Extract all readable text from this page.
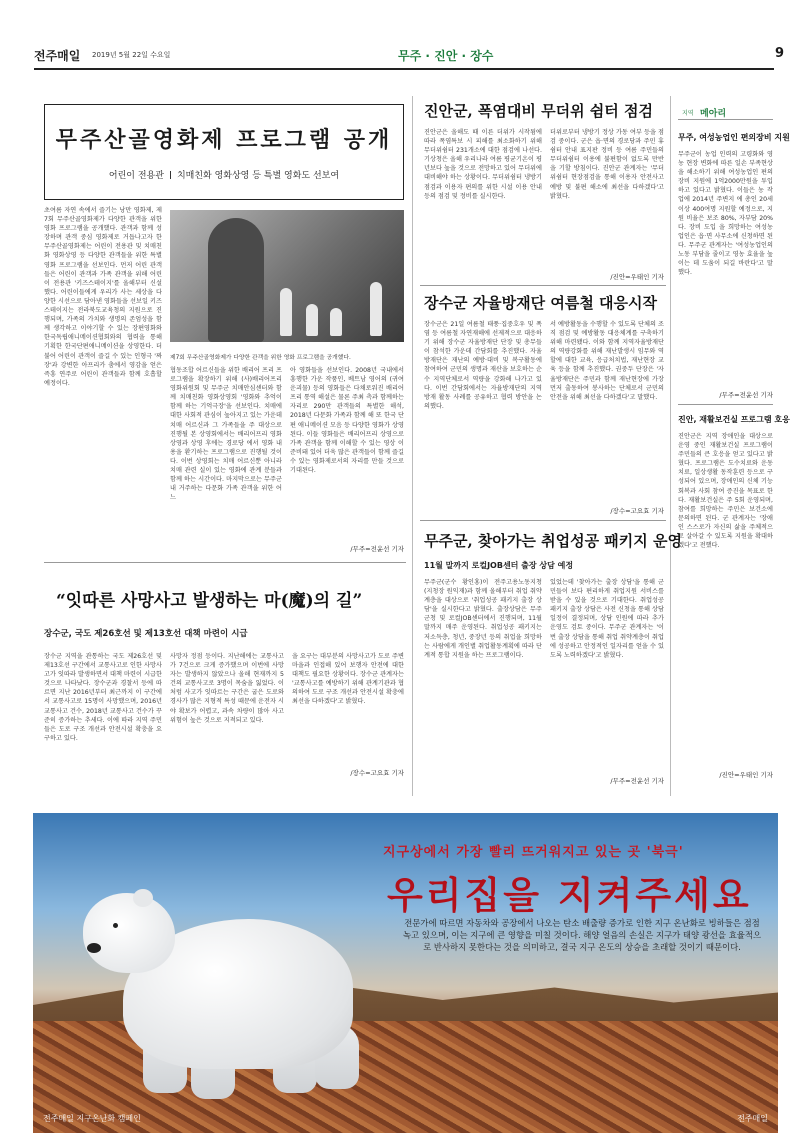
전주매일 2019년 5월 22일 수요일	무주 · 진안 · 장수	9
무주산골영화제 프로그램 공개
어린이 전용관 치매친화 영화상영 등 특별 영화도 선보여
초여름 자연 속에서 즐기는 낭만 영화제, 제7회 무주산골영화제가 다양한 관객을 위한 영화 프로그램을 공개했다. 관객과 함께 성장하며 관객 중심 영화제로 거듭나고자 한 무주산골영화제는 어린이 전용관 및 치매친화 영화상영 등 다양한 관객들을 위한 특별 영화 프로그램을 선보인다. 먼저 어린 관객들은 어린이 관객과 가족 관객을 위해 어린이 전용관 '키즈스테이지'를 올해부터 신설했다. 어린이들에게 우리가 사는 세상을 다양한 시선으로 담아낸 영화들을 선보일 키즈스테이지는 전라북도교육청의 지원으로 진행되며, 가족의 가치와 생명의 존엄성을 함께 생각하고 이야기할 수 있는 장편영화와 한국독립애니메이션협회와의 협력을 통해 기획한 한국단편애니메이션을 상영한다. 더불어 어린이 관객이 즐길 수 있는 인형극 '짜장'과 강변한 아프리카 춤에서 영감을 얻은 즉흥 연주로 어린이 관객들과 함께 호흡할 예정이다.
제7회 무주산골영화제가 다양한 관객을 위한 영화 프로그램을 공개했다.
협동조합 어르신들을 위한 배리어 프리 프로그램을 확장하기 위해 (사)배리어프리영화위원회 및 무주군 치매안심센터와 함께 치매친화 영화상영회 '영화와 추억이 함께 하는 기억극장'을 선보인다. 치매에 대한 사회적 관심이 높아지고 있는 가운데 치매 어르신과 그 가족들을 주 대상으로 진행될 본 상영회에서는 배리어프리 영화상영과 상영 후에는 경로당 에서 영화 내용을 환기하는 프로그램으로 진행될 것이다. 이번 상영회는 치매 어르신뿐 아니라 치매 관련 실이 있는 영화에 관계 분들과 함께 하는 시간이다. 마지막으로는 무주군 내 거주하는 다문화 가족 관객을 위한 어느
아 영화들을 선보인다. 2008년 국내에서 흥행한 가운 작품인, 베트남 영어의 (귀여운괴물) 등의 영화들은 다채로워진 배리어프리 통역 해설은 물론 주최 측과 함께하는 자리로 290만 관객들의 특별한 해석, 2018년 다문화 가족과 함께 해 또 한국 단편 애니메이션 모음 등 다양한 영화가 상영된다. 이들 영화들은 배리어프리 상영으로 가족 관객을 함께 이해할 수 있는 영상 이 준비돼 있어 더욱 많은 관객들이 함께 즐길 수 있는 영화제로서의 자리를 만들 것으로 기대된다.
/무주=전윤선 기자
진안군, 폭염대비 무더위 쉼터 점검
진안군은 올해도 때 이른 더위가 시작됨에 따라 폭염특보 시 피해를 최소화하기 위해 무더위쉼터 231개소에 대한 점검에 나선다. 기상청은 올해 우리나라 여름 평균기온이 평년보다 높을 것으로 전망하고 있어 무더위에 대비해야 하는 상황이다. 무더위쉼터 냉방기 점검과 이용자 편의를 위한 시설 이용 안내 등의 점검 및 정비를 실시한다.
더위로부터 냉방기 정상 가동 여부 등을 점검 중이다. 군은 읍·면의 경로당과 주민 휴 쉼터 안내 표지판 정비 등 여름 주민들의 무더위쉼터 이용에 불편함이 없도록 만반을 기할 방침이다. 진안군 관계자는 '무더위쉼터 현장점검을 통해 이용자 안전사고 예방 및 불편 해소에 최선을 다하겠다'고 밝혔다.
/진안=우태인 기자
장수군 자율방재단 여름철 대응시작
장수군은 21일 여름철 태풍·집중호우 및 폭염 등 여름철 자연재해에 선제적으로 대응하기 위해 장수군 자율방재단 단장 및 총무들이 참석한 가운데 간담회를 추진했다. 자율방재단은 재난의 예방·대비 및 복구활동에 참여하여 군민의 생명과 재산을 보호하는 순수 지역단체로서 역량을 강화해 나가고 있다. 이번 간담회에서는 자율방재단의 지역 방재 활동 사례를 공유하고 협력 방안을 논의했다.
서 예방활동을 수행할 수 있도록 단체의 조직 점검 및 예방활동 대응체계를 구축하기 위해 마련됐다. 이와 함께 지역자율방재단의 역량강화를 위해 재난발생시 임무와 역할에 대한 교육, 응급처치법, 재난현장 교육 등을 함께 추진했다. 권중두 단장은 '자율방재단은 주민과 함께 재난현장에 가장 먼저 출동하여 봉사하는 단체로서 군민의 안전을 위해 최선을 다하겠다'고 말했다.
/장수=고요효 기자
무주군, 찾아가는 취업성공 패키지 운영
11월 말까지 로컬JOB센터 출장 상담 예정
무주군(군수 황인홍)이 전주고용노동지청(지청장 원익재)과 함께 올해부터 취업 취약계층을 대상으로 '취업성공 패키지 출장 상담'을 실시한다고 밝혔다. 출장상담은 무주군청 및 로컬JOB센터에서 진행되며, 11월 말까지 매주 운영된다. 취업성공 패키지는 저소득층, 청년, 중장년 등의 취업을 희망하는 사람에게 개인별 취업활동계획에 따라 단계적 통합 지원을 하는 프로그램이다.
있었는데 '찾아가는 출장 상담'을 통해 군민들이 보다 편리하게 취업지원 서비스를 받을 수 있을 것으로 기대한다. 취업성공 패키지 출장 상담은 사전 신청을 통해 상담 일정이 결정되며, 상담 인원에 따라 추가 운영도 검토 중이다. 무주군 관계자는 '이번 출장 상담을 통해 취업 취약계층이 취업에 성공하고 안정적인 일자리를 얻을 수 있도록 노력하겠다'고 밝혔다.
/무주=전윤선 기자
“잇따른 사망사고 발생하는 마(魔)의 길”
장수군, 국도 제26호선 및 제13호선 대책 마련이 시급
장수군 지역을 관통하는 국도 제26호선 및 제13호선 구간에서 교통사고로 인한 사망사고가 잇따라 발생하면서 대책 마련이 시급한 것으로 나타났다. 장수군과 경찰서 등에 따르면 지난 2016년부터 최근까지 이 구간에서 교통사고로 15명이 사망했으며, 2016년 교통사고 건수, 2018년 교통사고 건수가 꾸준히 증가하는 추세다. 이에 따라 지역 주민들은 도로 구조 개선과 안전시설 확충을 요구하고 있다.
사망자 정점 등이다. 지난해에는 교통사고가 7건으로 크게 증가했으며 이번에 사망자는 발생하지 않았으나 올해 현재까지 5건의 교통사고로 3명이 목숨을 잃었다. 이처럼 사고가 잇따르는 구간은 굽은 도로와 경사가 많은 지형적 특성 때문에 운전자 시야 확보가 어렵고, 과속 차량이 많아 사고 위험이 높은 것으로 지적되고 있다.
을 요구는 대부분의 사망사고가 도로 주변 마을과 인접해 있어 보행자 안전에 대한 대책도 필요한 상황이다. 장수군 관계자는 '교통사고를 예방하기 위해 관계기관과 협의하여 도로 구조 개선과 안전시설 확충에 최선을 다하겠다'고 밝혔다.
/장수=고요효 기자
지역 메아리
무주, 여성농업인 편의장비 지원
무주군이 농업 인력의 고령화와 영농 현장 변화에 따른 일손 부족현상을 해소하기 위해 여성농업인 편의장비 지원에 1억2000만원을 투입하고 있다고 밝혔다. 이들은 농 작업에 2014년 주변지 에 총인 20세 이상 400여명 지원할 예정으로, 지원 비율은 보조 80%, 자부담 20%다. 장비 도입 을 희망하는 여성농업인은 읍·면 사무소에 신청하면 된다. 무주군 관계자는 '여성농업인의 노동 부담을 줄이고 영농 효율을 높이는 데 도움이 되길 바란다'고 말했다.
/무주=전윤선 기자
진안, 재활보건실 프로그램 호응
진안군은 지역 장애인을 대상으로 운영 중인 재활보건실 프로그램이 주민들의 큰 호응을 얻고 있다고 밝혔다. 프로그램은 도수치료와 운동치료, 일상생활 동작훈련 등으로 구성되어 있으며, 장애인의 신체 기능 회복과 사회 참여 증진을 목표로 한다. 재활보건실은 주 5회 운영되며, 참여를 희망하는 주민은 보건소에 문의하면 된다. 군 관계자는 '장애인 스스로가 자신의 삶을 주체적으로 살아갈 수 있도록 지원을 확대하겠다'고 전했다.
/진안=우태인 기자
지구상에서 가장 빨리 뜨거워지고 있는 곳 '북극'
우리집을 지켜주세요
전문가에 따르면 자동차와 공장에서 나오는 탄소 배출량 증가로 인한 지구 온난화로 빙하들은 점점 녹고 있으며, 이는 지구에 큰 영향을 미칠 것이다. 해양 얼음의 손실은 지구가 태양 광선을 효율적으로 반사하지 못한다는 것을 의미하고, 결국 지구 온도의 상승을 초래할 것이기 때문이다.
전주매일 지구온난화 캠페인	전주매일
